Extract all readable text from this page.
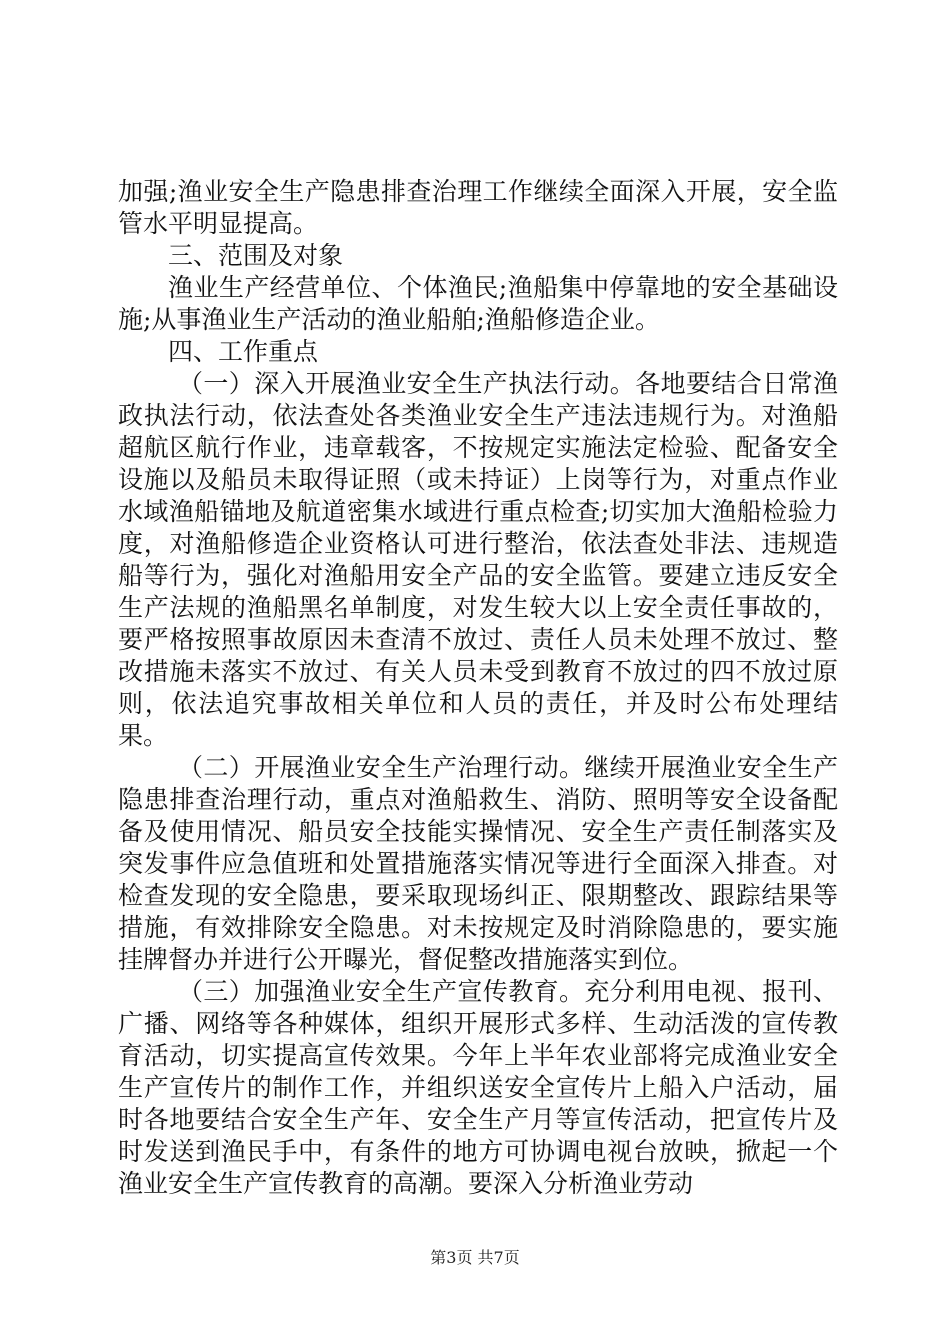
加强;渔业安全生产隐患排查治理工作继续全面深入开展，安全监管水平明显提高。

三、范围及对象

渔业生产经营单位、个体渔民;渔船集中停靠地的安全基础设施;从事渔业生产活动的渔业船舶;渔船修造企业。

四、工作重点

（一）深入开展渔业安全生产执法行动。各地要结合日常渔政执法行动，依法查处各类渔业安全生产违法违规行为。对渔船超航区航行作业，违章载客，不按规定实施法定检验、配备安全设施以及船员未取得证照（或未持证）上岗等行为，对重点作业水域渔船锚地及航道密集水域进行重点检查;切实加大渔船检验力度，对渔船修造企业资格认可进行整治，依法查处非法、违规造船等行为，强化对渔船用安全产品的安全监管。要建立违反安全生产法规的渔船黑名单制度，对发生较大以上安全责任事故的，要严格按照事故原因未查清不放过、责任人员未处理不放过、整改措施未落实不放过、有关人员未受到教育不放过的四不放过原则，依法追究事故相关单位和人员的责任，并及时公布处理结果。

（二）开展渔业安全生产治理行动。继续开展渔业安全生产隐患排查治理行动，重点对渔船救生、消防、照明等安全设备配备及使用情况、船员安全技能实操情况、安全生产责任制落实及突发事件应急值班和处置措施落实情况等进行全面深入排查。对检查发现的安全隐患，要采取现场纠正、限期整改、跟踪结果等措施，有效排除安全隐患。对未按规定及时消除隐患的，要实施挂牌督办并进行公开曝光，督促整改措施落实到位。

（三）加强渔业安全生产宣传教育。充分利用电视、报刊、广播、网络等各种媒体，组织开展形式多样、生动活泼的宣传教育活动，切实提高宣传效果。今年上半年农业部将完成渔业安全生产宣传片的制作工作，并组织送安全宣传片上船入户活动，届时各地要结合安全生产年、安全生产月等宣传活动，把宣传片及时发送到渔民手中，有条件的地方可协调电视台放映，掀起一个渔业安全生产宣传教育的高潮。要深入分析渔业劳动

第3页 共7页
